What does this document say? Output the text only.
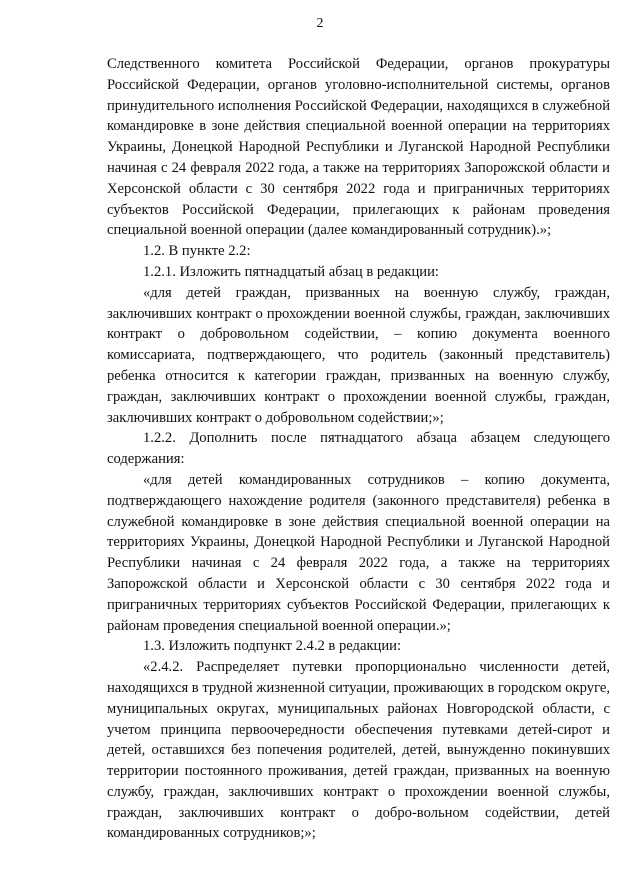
2

Следственного комитета Российской Федерации, органов прокуратуры Российской Федерации, органов уголовно-исполнительной системы, органов принудительного исполнения Российской Федерации, находящихся в служебной командировке в зоне действия специальной военной операции на территориях Украины, Донецкой Народной Республики и Луганской Народной Республики начиная с 24 февраля 2022 года, а также на территориях Запорожской области и Херсонской области с 30 сентября 2022 года и приграничных территориях субъектов Российской Федерации, прилегающих к районам проведения специальной военной операции (далее командированный сотрудник).»;

1.2. В пункте 2.2:

1.2.1. Изложить пятнадцатый абзац в редакции:

«для детей граждан, призванных на военную службу, граждан, заключивших контракт о прохождении военной службы, граждан, заключивших контракт о добровольном содействии, – копию документа военного комиссариата, подтверждающего, что родитель (законный представитель) ребенка относится к категории граждан, призванных на военную службу, граждан, заключивших контракт о прохождении военной службы, граждан, заключивших контракт о добровольном содействии;»;

1.2.2. Дополнить после пятнадцатого абзаца абзацем следующего содержания:

«для детей командированных сотрудников – копию документа, подтверждающего нахождение родителя (законного представителя) ребенка в служебной командировке в зоне действия специальной военной операции на территориях Украины, Донецкой Народной Республики и Луганской Народной Республики начиная с 24 февраля 2022 года, а также на территориях Запорожской области и Херсонской области с 30 сентября 2022 года и приграничных территориях субъектов Российской Федерации, прилегающих к районам проведения специальной военной операции.»;

1.3. Изложить подпункт 2.4.2 в редакции:

«2.4.2. Распределяет путевки пропорционально численности детей, находящихся в трудной жизненной ситуации, проживающих в городском округе, муниципальных округах, муниципальных районах Новгородской области, с учетом принципа первоочередности обеспечения путевками детей-сирот и детей, оставшихся без попечения родителей, детей, вынужденно покинувших территории постоянного проживания, детей граждан, призванных на военную службу, граждан, заключивших контракт о прохождении военной службы, граждан, заключивших контракт о добро-вольном содействии, детей командированных сотрудников;»;
